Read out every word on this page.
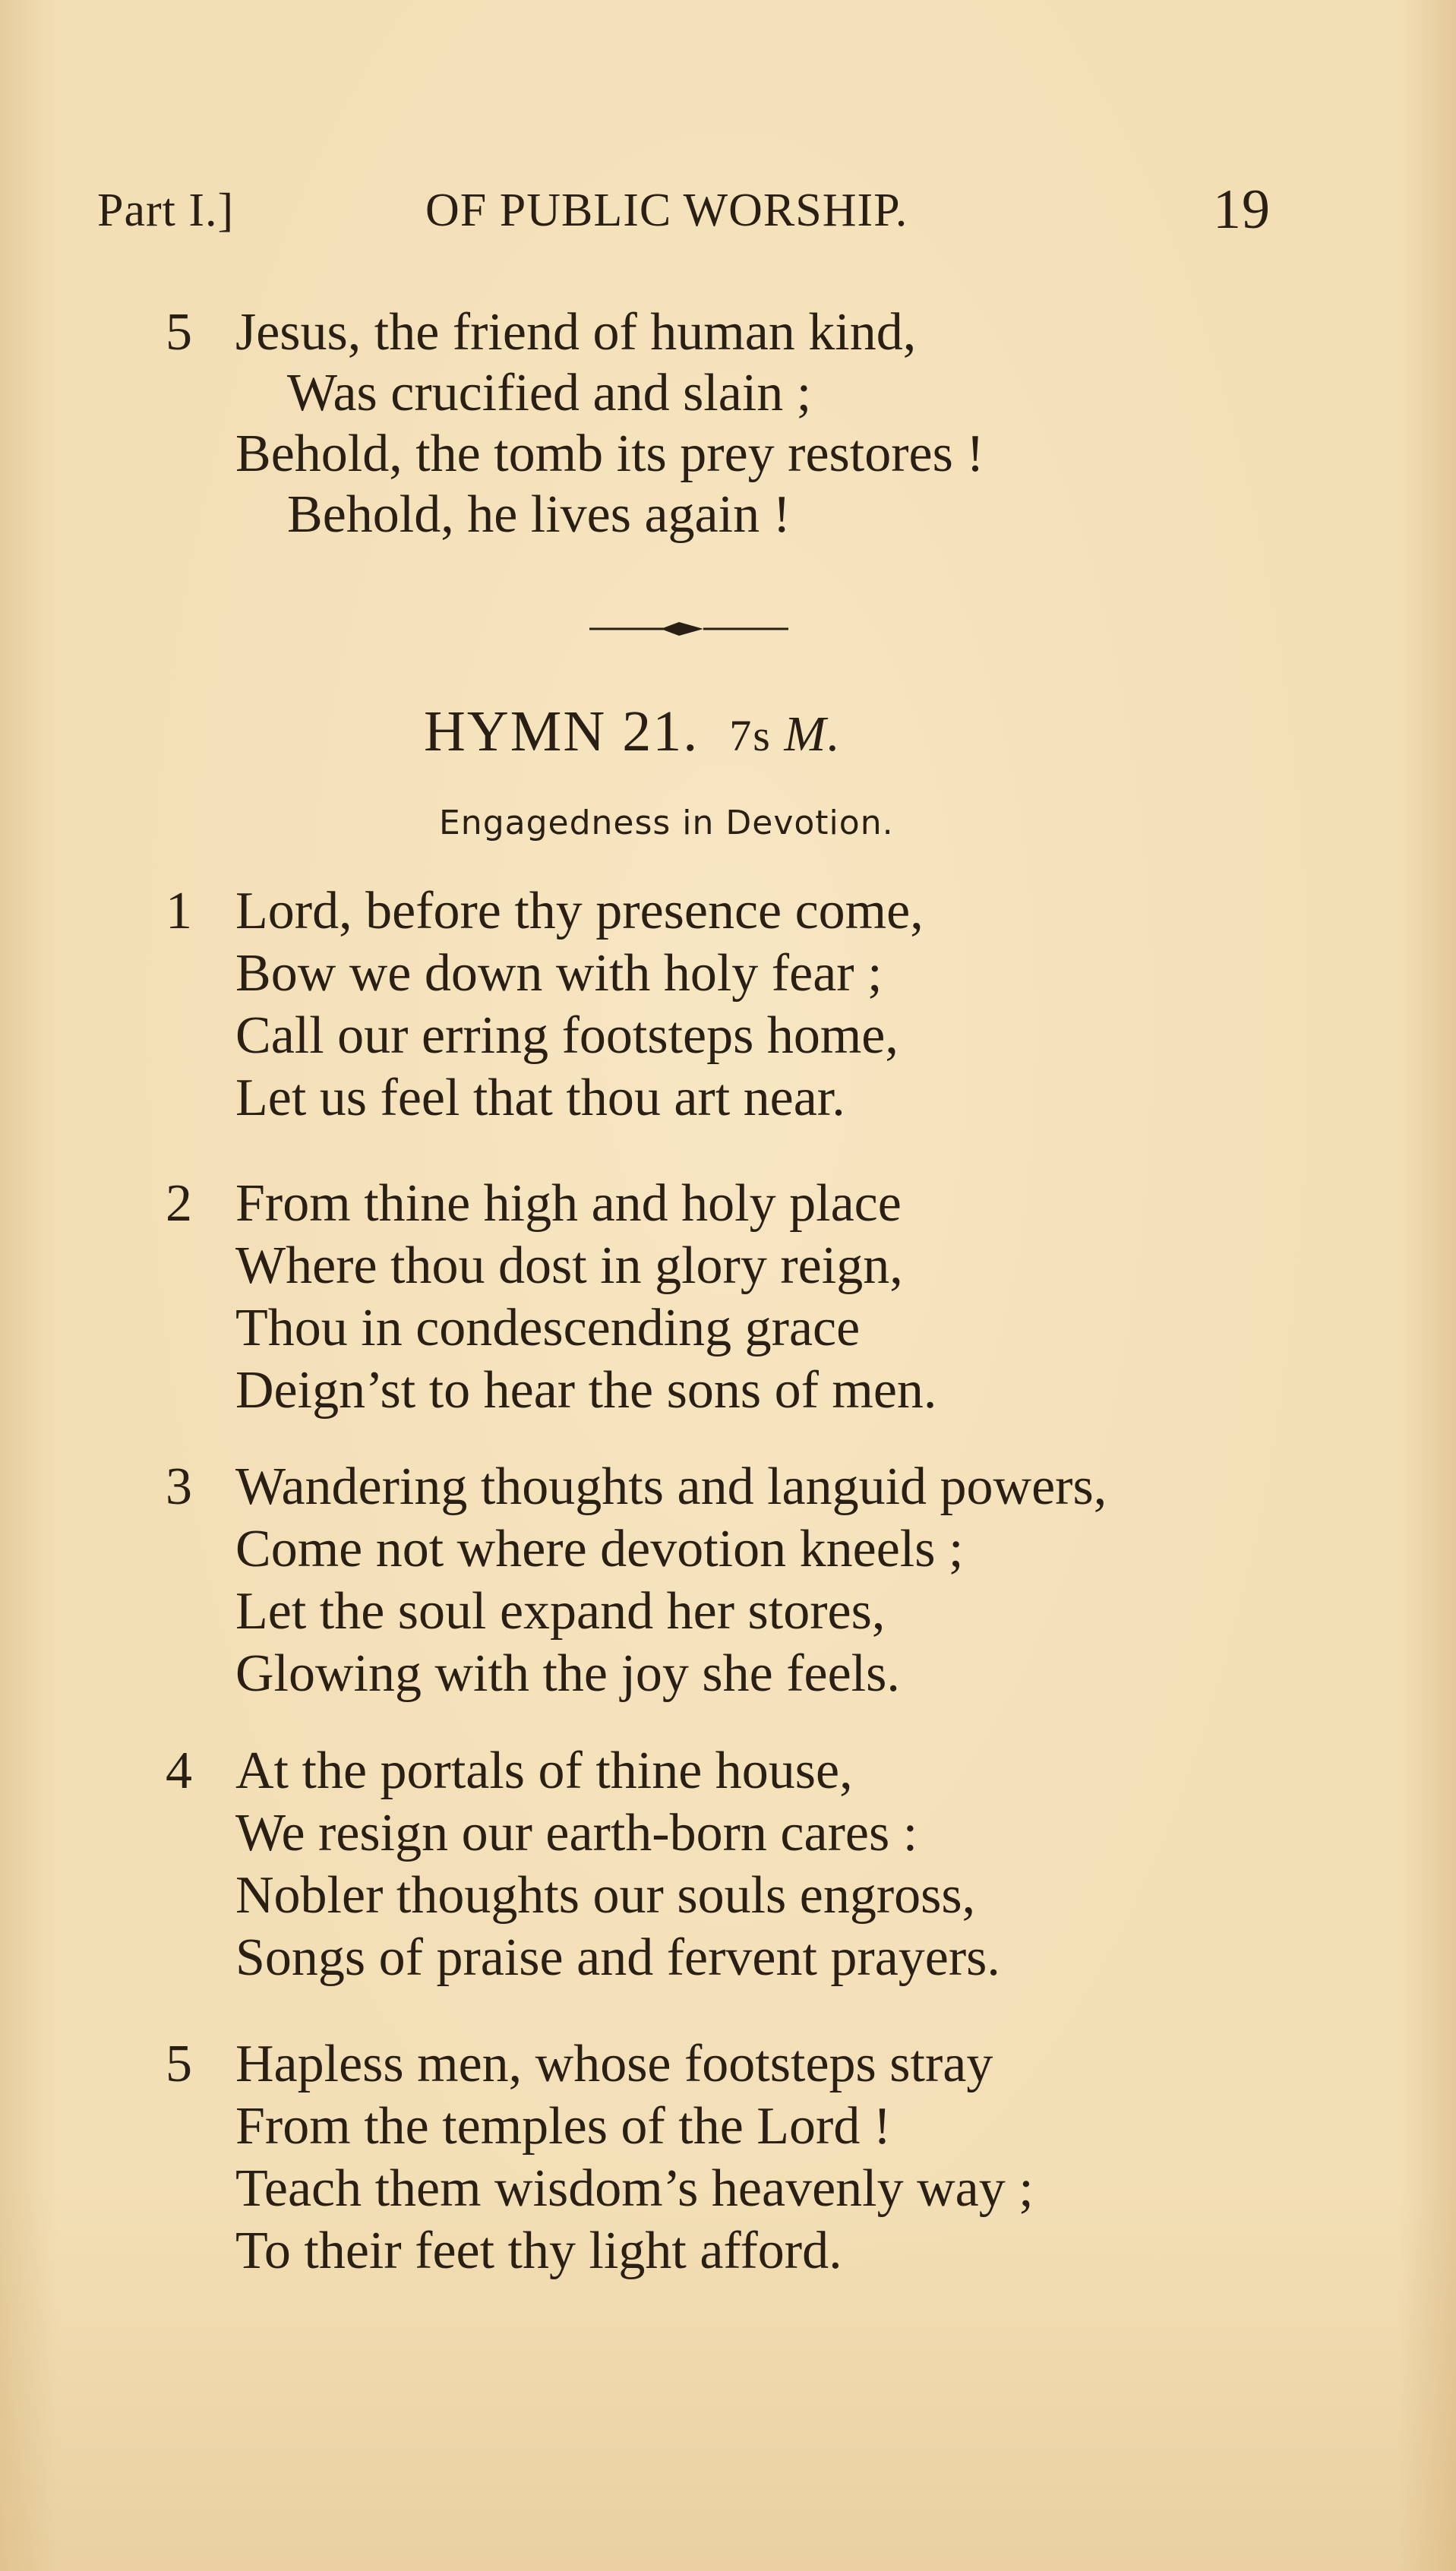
Part I.]	OF PUBLIC WORSHIP.	19
5 Jesus, the friend of human kind,
Was crucified and slain ;
Behold, the tomb its prey restores !
Behold, he lives again !
HYMN 21. 7s M.
Engagedness in Devotion.
1 Lord, before thy presence come,
Bow we down with holy fear ;
Call our erring footsteps home,
Let us feel that thou art near.
2 From thine high and holy place
Where thou dost in glory reign,
Thou in condescending grace
Deign’st to hear the sons of men.
3 Wandering thoughts and languid powers,
Come not where devotion kneels ;
Let the soul expand her stores,
Glowing with the joy she feels.
4 At the portals of thine house,
We resign our earth-born cares :
Nobler thoughts our souls engross,
Songs of praise and fervent prayers.
5 Hapless men, whose footsteps stray
From the temples of the Lord !
Teach them wisdom’s heavenly way ;
To their feet thy light afford.
